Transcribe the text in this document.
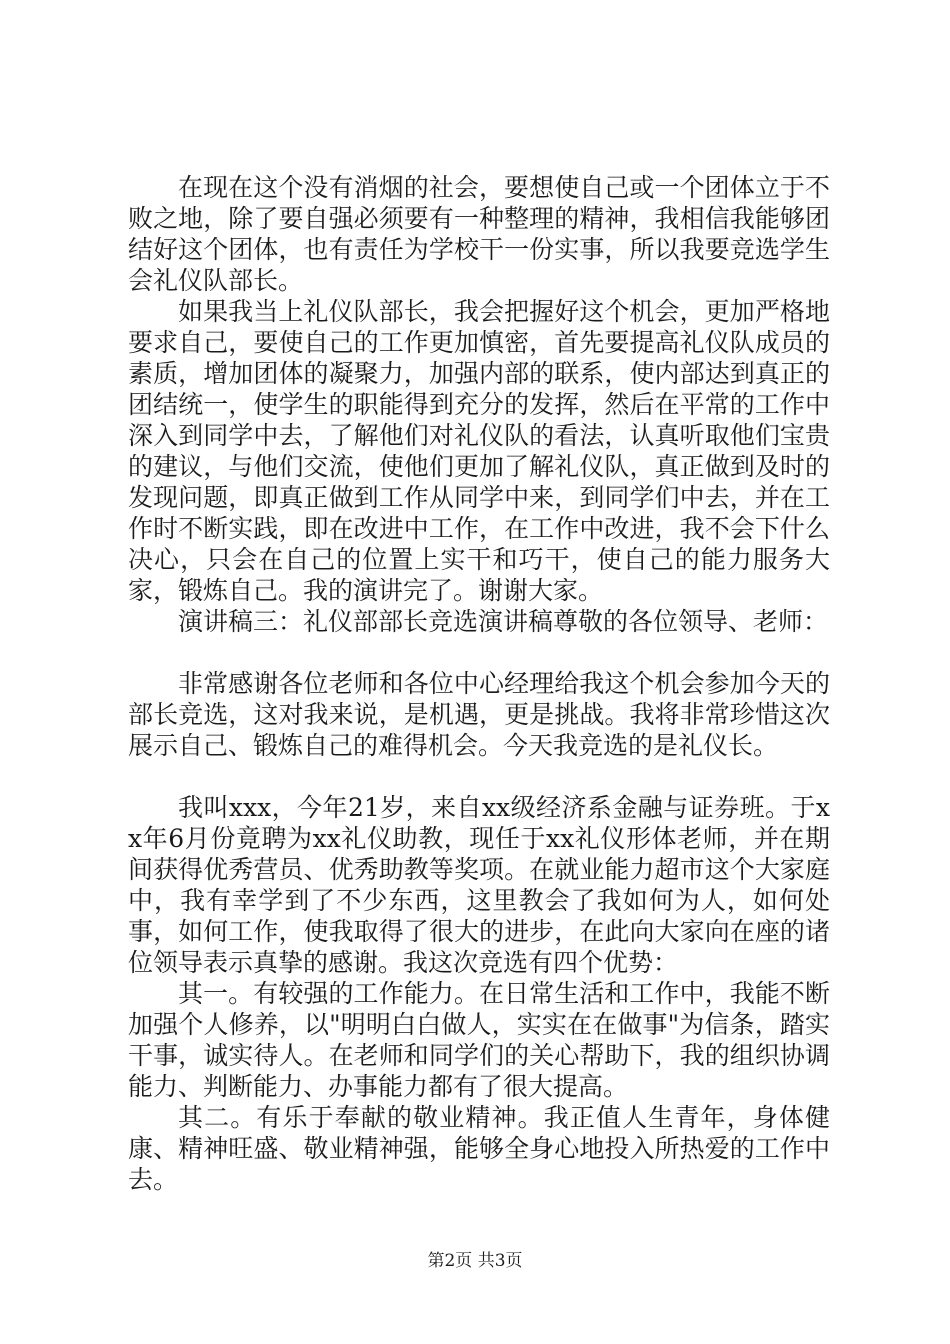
在现在这个没有消烟的社会，要想使自己或一个团体立于不败之地，除了要自强必须要有一种整理的精神，我相信我能够团结好这个团体，也有责任为学校干一份实事，所以我要竞选学生会礼仪队部长。

如果我当上礼仪队部长，我会把握好这个机会，更加严格地要求自己，要使自己的工作更加慎密，首先要提高礼仪队成员的素质，增加团体的凝聚力，加强内部的联系，使内部达到真正的团结统一，使学生的职能得到充分的发挥，然后在平常的工作中深入到同学中去，了解他们对礼仪队的看法，认真听取他们宝贵的建议，与他们交流，使他们更加了解礼仪队，真正做到及时的发现问题，即真正做到工作从同学中来，到同学们中去，并在工作时不断实践，即在改进中工作，在工作中改进，我不会下什么决心，只会在自己的位置上实干和巧干，使自己的能力服务大家，锻炼自己。我的演讲完了。谢谢大家。

演讲稿三：礼仪部部长竞选演讲稿尊敬的各位领导、老师：

非常感谢各位老师和各位中心经理给我这个机会参加今天的部长竞选，这对我来说，是机遇，更是挑战。我将非常珍惜这次展示自己、锻炼自己的难得机会。今天我竞选的是礼仪长。

我叫xxx，今年21岁，来自xx级经济系金融与证券班。于xx年6月份竟聘为xx礼仪助教，现任于xx礼仪形体老师，并在期间获得优秀营员、优秀助教等奖项。在就业能力超市这个大家庭中，我有幸学到了不少东西，这里教会了我如何为人，如何处事，如何工作，使我取得了很大的进步，在此向大家向在座的诸位领导表示真挚的感谢。我这次竞选有四个优势：

其一。有较强的工作能力。在日常生活和工作中，我能不断加强个人修养，以"明明白白做人，实实在在做事"为信条，踏实干事，诚实待人。在老师和同学们的关心帮助下，我的组织协调能力、判断能力、办事能力都有了很大提高。

其二。有乐于奉献的敬业精神。我正值人生青年，身体健康、精神旺盛、敬业精神强，能够全身心地投入所热爱的工作中去。

第2页 共3页
